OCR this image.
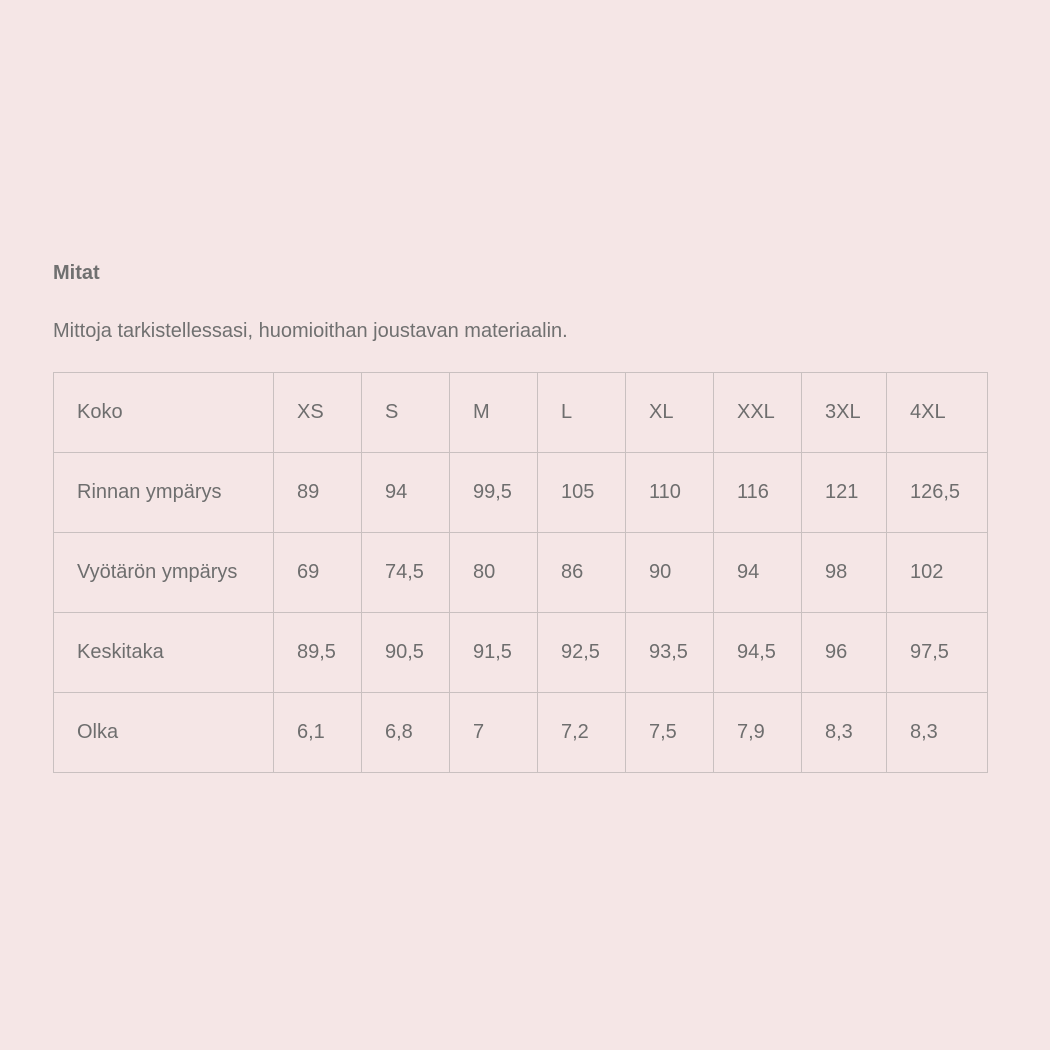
Mitat

Mittoja tarkistellessasi, huomioithan joustavan materiaalin.

Koko	XS	S	M	L	XL	XXL	3XL	4XL
Rinnan ympärys	89	94	99,5	105	110	116	121	126,5
Vyötärön ympärys	69	74,5	80	86	90	94	98	102
Keskitaka	89,5	90,5	91,5	92,5	93,5	94,5	96	97,5
Olka	6,1	6,8	7	7,2	7,5	7,9	8,3	8,3
